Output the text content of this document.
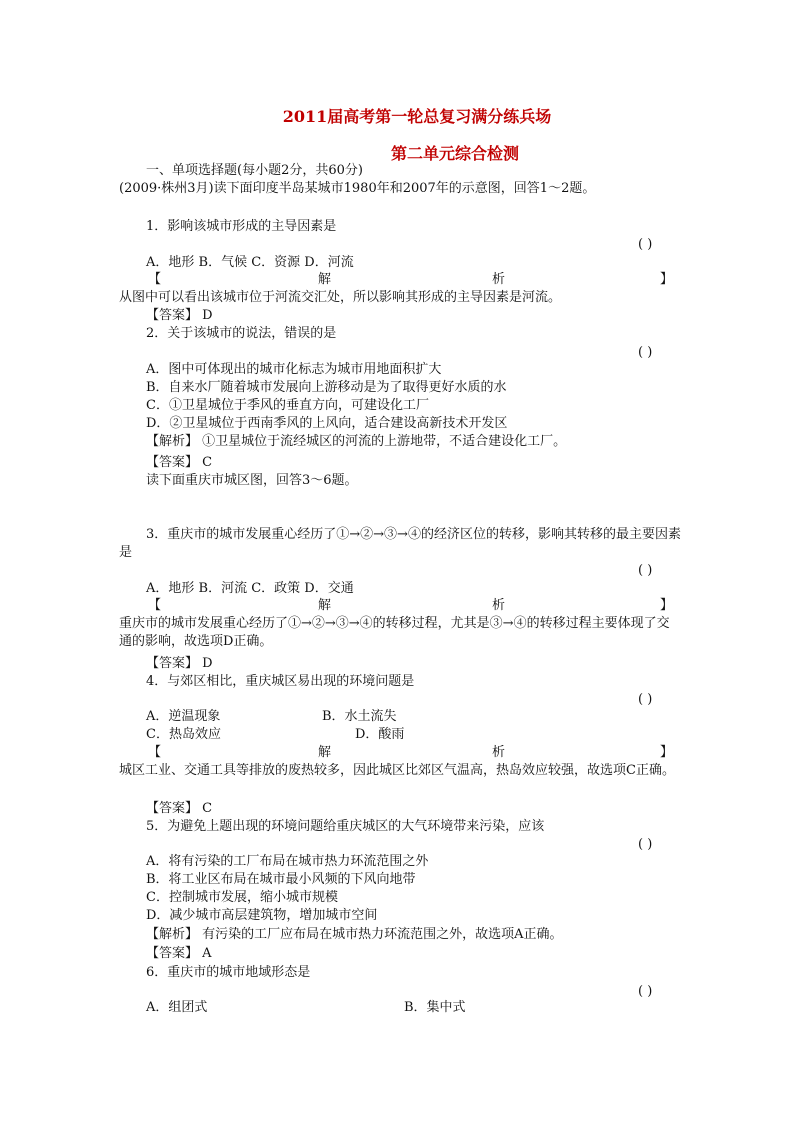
2011届高考第一轮总复习满分练兵场
第二单元综合检测
一、单项选择题(每小题2分，共60分)
(2009·株州3月)读下面印度半岛某城市1980年和2007年的示意图，回答1～2题。
1．影响该城市形成的主导因素是
( )
A．地形 B．气候 C．资源 D．河流
【	解	析	】
从图中可以看出该城市位于河流交汇处，所以影响其形成的主导因素是河流。
【答案】 D
2．关于该城市的说法，错误的是
( )
A．图中可体现出的城市化标志为城市用地面积扩大
B．自来水厂随着城市发展向上游移动是为了取得更好水质的水
C．①卫星城位于季风的垂直方向，可建设化工厂
D．②卫星城位于西南季风的上风向，适合建设高新技术开发区
【解析】 ①卫星城位于流经城区的河流的上游地带，不适合建设化工厂。
【答案】 C
读下面重庆市城区图，回答3～6题。
3．重庆市的城市发展重心经历了①→②→③→④的经济区位的转移，影响其转移的最主要因素是
( )
A．地形 B．河流 C．政策 D．交通
【	解	析	】
重庆市的城市发展重心经历了①→②→③→④的转移过程，尤其是③→④的转移过程主要体现了交通的影响，故选项D正确。
【答案】 D
4．与郊区相比，重庆城区易出现的环境问题是
( )
A．逆温现象	B．水土流失
C．热岛效应	D．酸雨
【	解	析	】
城区工业、交通工具等排放的废热较多，因此城区比郊区气温高，热岛效应较强，故选项C正确。
【答案】 C
5．为避免上题出现的环境问题给重庆城区的大气环境带来污染，应该
( )
A．将有污染的工厂布局在城市热力环流范围之外
B．将工业区布局在城市最小风频的下风向地带
C．控制城市发展，缩小城市规模
D．减少城市高层建筑物，增加城市空间
【解析】 有污染的工厂应布局在城市热力环流范围之外，故选项A正确。
【答案】 A
6．重庆市的城市地域形态是
( )
A．组团式	B．集中式
